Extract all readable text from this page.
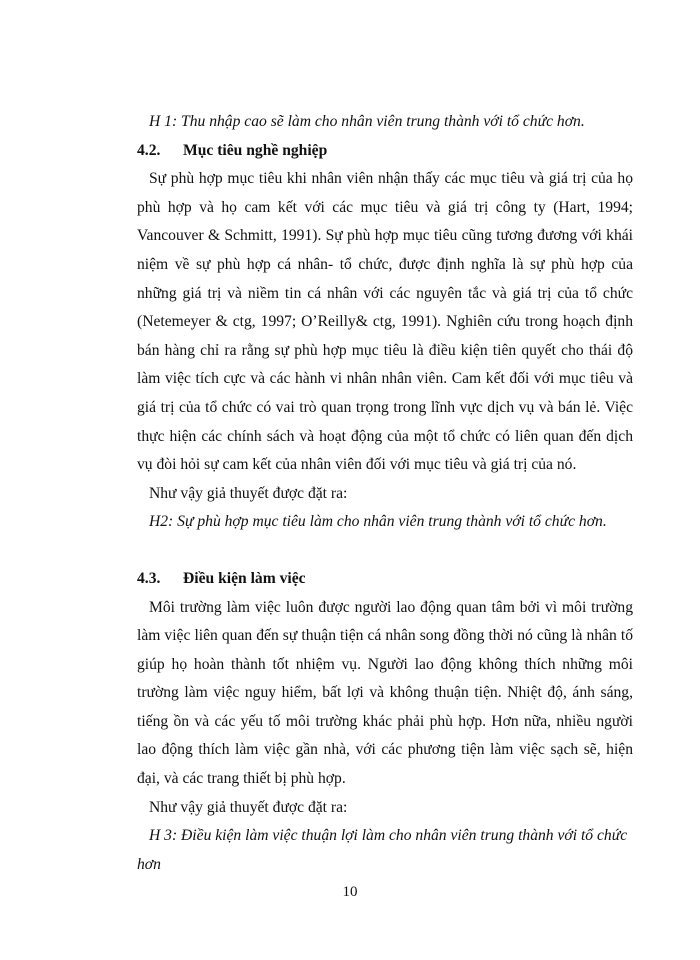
H 1: Thu nhập cao sẽ làm cho nhân viên trung thành với tổ chức hơn.

4.2. Mục tiêu nghề nghiệp

Sự phù hợp mục tiêu khi nhân viên nhận thấy các mục tiêu và giá trị của họ phù hợp và họ cam kết với các mục tiêu và giá trị công ty (Hart, 1994; Vancouver & Schmitt, 1991). Sự phù hợp mục tiêu cũng tương đương với khái niệm về sự phù hợp cá nhân- tổ chức, được định nghĩa là sự phù hợp của những giá trị và niềm tin cá nhân với các nguyên tắc và giá trị của tổ chức (Netemeyer & ctg, 1997; O’Reilly& ctg, 1991). Nghiên cứu trong hoạch định bán hàng chỉ ra rằng sự phù hợp mục tiêu là điều kiện tiên quyết cho thái độ làm việc tích cực và các hành vi nhân nhân viên. Cam kết đối với mục tiêu và giá trị của tổ chức có vai trò quan trọng trong lĩnh vực dịch vụ và bán lẻ. Việc thực hiện các chính sách và hoạt động của một tổ chức có liên quan đến dịch vụ đòi hỏi sự cam kết của nhân viên đối với mục tiêu và giá trị của nó.

Như vậy giả thuyết được đặt ra:

H2: Sự phù hợp mục tiêu làm cho nhân viên trung thành với tổ chức hơn.

4.3. Điều kiện làm việc

Môi trường làm việc luôn được người lao động quan tâm bởi vì môi trường làm việc liên quan đến sự thuận tiện cá nhân song đồng thời nó cũng là nhân tố giúp họ hoàn thành tốt nhiệm vụ. Người lao động không thích những môi trường làm việc nguy hiểm, bất lợi và không thuận tiện. Nhiệt độ, ánh sáng, tiếng ồn và các yếu tố môi trường khác phải phù hợp. Hơn nữa, nhiều người lao động thích làm việc gần nhà, với các phương tiện làm việc sạch sẽ, hiện đại, và các trang thiết bị phù hợp.

Như vậy giả thuyết được đặt ra:

H 3: Điều kiện làm việc thuận lợi làm cho nhân viên trung thành với tổ chức hơn

10
